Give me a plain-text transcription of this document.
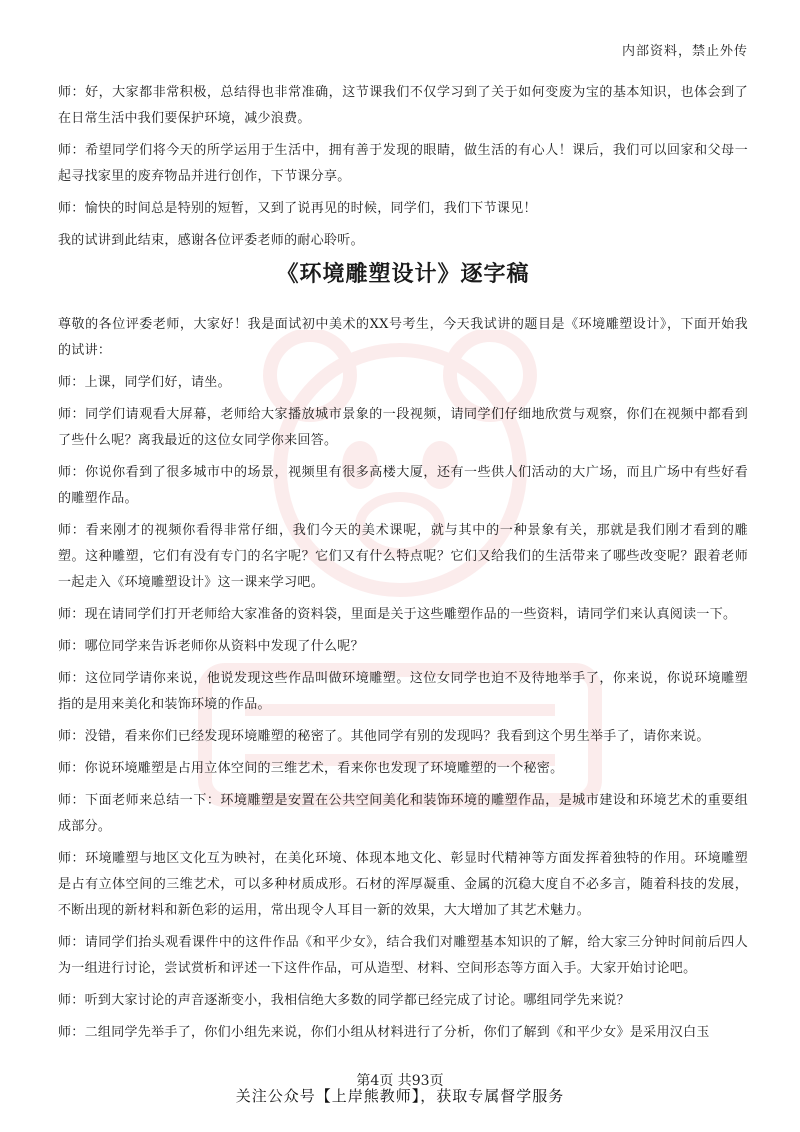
内部资料，禁止外传

师：好，大家都非常积极，总结得也非常准确，这节课我们不仅学习到了关于如何变废为宝的基本知识，也体会到了在日常生活中我们要保护环境，减少浪费。

师：希望同学们将今天的所学运用于生活中，拥有善于发现的眼睛，做生活的有心人！课后，我们可以回家和父母一起寻找家里的废弃物品并进行创作，下节课分享。

师：愉快的时间总是特别的短暂，又到了说再见的时候，同学们，我们下节课见！

我的试讲到此结束，感谢各位评委老师的耐心聆听。

《环境雕塑设计》逐字稿

尊敬的各位评委老师，大家好！我是面试初中美术的XX号考生，今天我试讲的题目是《环境雕塑设计》，下面开始我的试讲：

师：上课，同学们好，请坐。

师：同学们请观看大屏幕，老师给大家播放城市景象的一段视频，请同学们仔细地欣赏与观察，你们在视频中都看到了些什么呢？离我最近的这位女同学你来回答。

师：你说你看到了很多城市中的场景，视频里有很多高楼大厦，还有一些供人们活动的大广场，而且广场中有些好看的雕塑作品。

师：看来刚才的视频你看得非常仔细，我们今天的美术课呢，就与其中的一种景象有关，那就是我们刚才看到的雕塑。这种雕塑，它们有没有专门的名字呢？它们又有什么特点呢？它们又给我们的生活带来了哪些改变呢？跟着老师一起走入《环境雕塑设计》这一课来学习吧。

师：现在请同学们打开老师给大家准备的资料袋，里面是关于这些雕塑作品的一些资料，请同学们来认真阅读一下。

师：哪位同学来告诉老师你从资料中发现了什么呢？

师：这位同学请你来说，他说发现这些作品叫做环境雕塑。这位女同学也迫不及待地举手了，你来说，你说环境雕塑指的是用来美化和装饰环境的作品。

师：没错，看来你们已经发现环境雕塑的秘密了。其他同学有别的发现吗？我看到这个男生举手了，请你来说。

师：你说环境雕塑是占用立体空间的三维艺术，看来你也发现了环境雕塑的一个秘密。

师：下面老师来总结一下：环境雕塑是安置在公共空间美化和装饰环境的雕塑作品，是城市建设和环境艺术的重要组成部分。

师：环境雕塑与地区文化互为映衬，在美化环境、体现本地文化、彰显时代精神等方面发挥着独特的作用。环境雕塑是占有立体空间的三维艺术，可以多种材质成形。石材的浑厚凝重、金属的沉稳大度自不必多言，随着科技的发展，不断出现的新材料和新色彩的运用，常出现令人耳目一新的效果，大大增加了其艺术魅力。

师：请同学们抬头观看课件中的这件作品《和平少女》，结合我们对雕塑基本知识的了解，给大家三分钟时间前后四人为一组进行讨论，尝试赏析和评述一下这件作品，可从造型、材料、空间形态等方面入手。大家开始讨论吧。

师：听到大家讨论的声音逐渐变小，我相信绝大多数的同学都已经完成了讨论。哪组同学先来说？

师：二组同学先举手了，你们小组先来说，你们小组从材料进行了分析，你们了解到《和平少女》是采用汉白玉

第4页 共93页
关注公众号【上岸熊教师】，获取专属督学服务
